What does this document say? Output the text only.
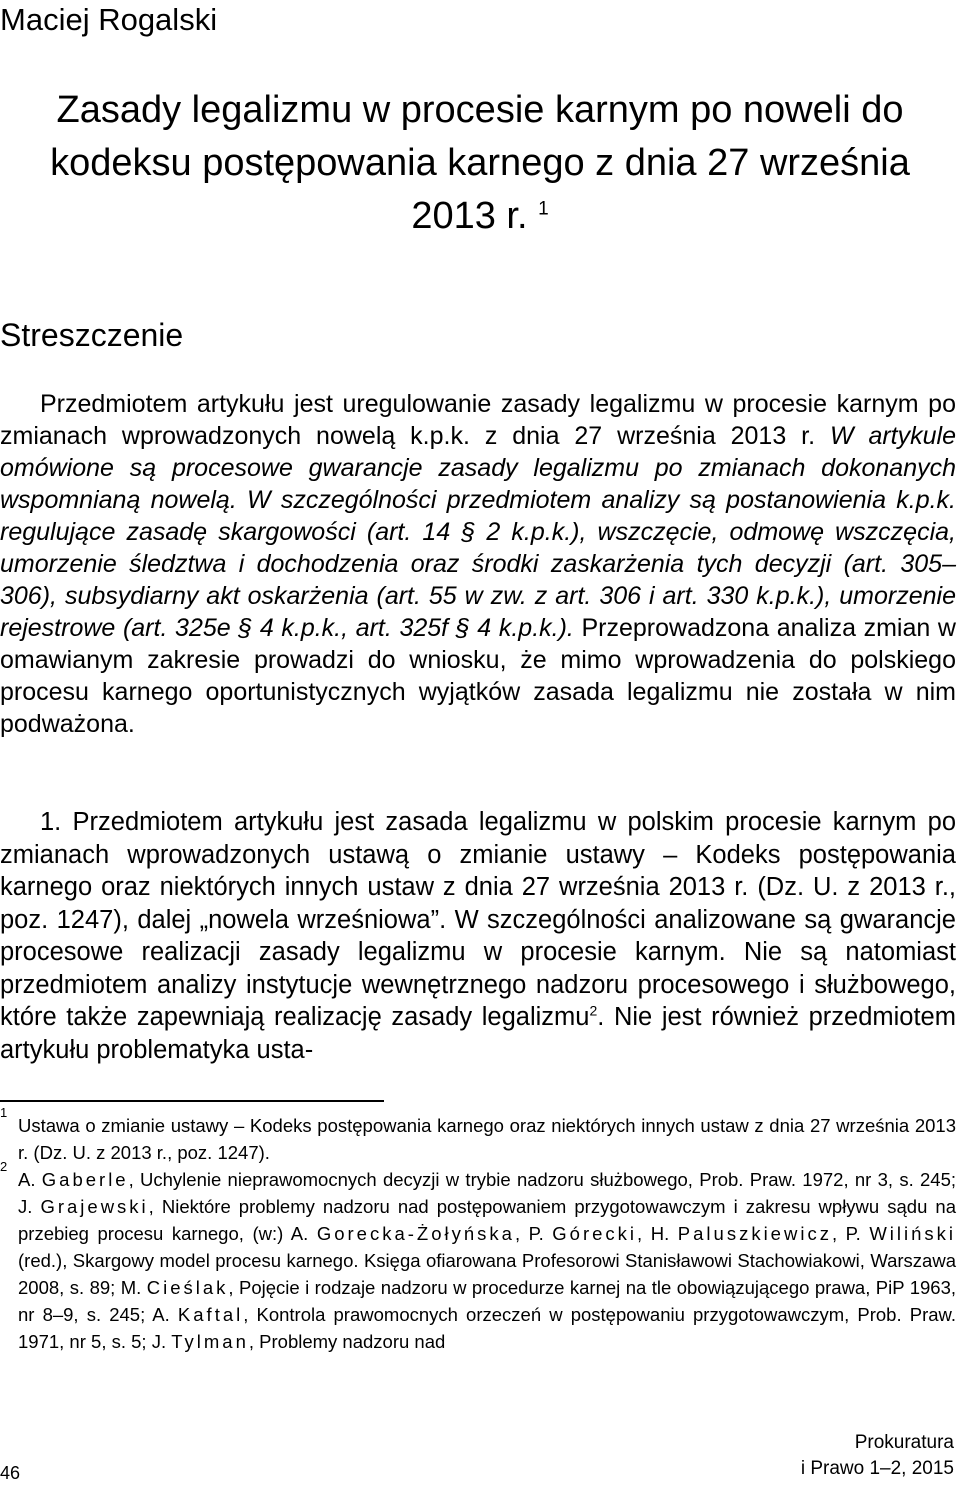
Maciej Rogalski
Zasady legalizmu w procesie karnym po noweli do kodeksu postępowania karnego z dnia 27 września 2013 r. $^1$
Streszczenie

Przedmiotem artykułu jest uregulowanie zasady legalizmu w procesie karnym po zmianach wprowadzonych nowelą k.p.k. z dnia 27 września 2013 r. W artykule omówione są procesowe gwarancje zasady legalizmu po zmianach dokonanych wspomnianą nowelą. W szczególności przedmiotem analizy są postanowienia k.p.k. regulujące zasadę skargowości (art. 14 § 2 k.p.k.), wszczęcie, odmowę wszczęcia, umorzenie śledztwa i dochodzenia oraz środki zaskarżenia tych decyzji (art. 305–306), subsydiarny akt oskarżenia (art. 55 w zw. z art. 306 i art. 330 k.p.k.), umorzenie rejestrowe (art. 325e § 4 k.p.k., art. 325f § 4 k.p.k.). Przeprowadzona analiza zmian w omawianym zakresie prowadzi do wniosku, że mimo wprowadzenia do polskiego procesu karnego oportunistycznych wyjątków zasada legalizmu nie została w nim podważona.

1. Przedmiotem artykułu jest zasada legalizmu w polskim procesie karnym po zmianach wprowadzonych ustawą o zmianie ustawy – Kodeks postępowania karnego oraz niektórych innych ustaw z dnia 27 września 2013 r. (Dz. U. z 2013 r., poz. 1247), dalej „nowela wrześniowa”. W szczególności analizowane są gwarancje procesowe realizacji zasady legalizmu w procesie karnym. Nie są natomiast przedmiotem analizy instytucje wewnętrznego nadzoru procesowego i służbowego, które także zapewniają realizację zasady legalizmu$^2$. Nie jest również przedmiotem artykułu problematyka usta-

1
Ustawa o zmianie ustawy – Kodeks postępowania karnego oraz niektórych innych ustaw z dnia 27 września 2013 r. (Dz. U. z 2013 r., poz. 1247).
2
A. Gaberle, Uchylenie nieprawomocnych decyzji w trybie nadzoru służbowego, Prob. Praw. 1972, nr 3, s. 245; J. Grajewski, Niektóre problemy nadzoru nad postępowaniem przygotowawczym i zakresu wpływu sądu na przebieg procesu karnego, (w:) A. Gorecka-Żołyńska, P. Górecki, H. Paluszkiewicz, P. Wiliński (red.), Skargowy model procesu karnego. Księga ofiarowana Profesorowi Stanisławowi Stachowiakowi, Warszawa 2008, s. 89; M. Cieślak, Pojęcie i rodzaje nadzoru w procedurze karnej na tle obowiązującego prawa, PiP 1963, nr 8–9, s. 245; A. Kaftal, Kontrola prawomocnych orzeczeń w postępowaniu przygotowawczym, Prob. Praw. 1971, nr 5, s. 5; J. Tylman, Problemy nadzoru nad
46
Prokuratura
i Prawo 1–2, 2015
